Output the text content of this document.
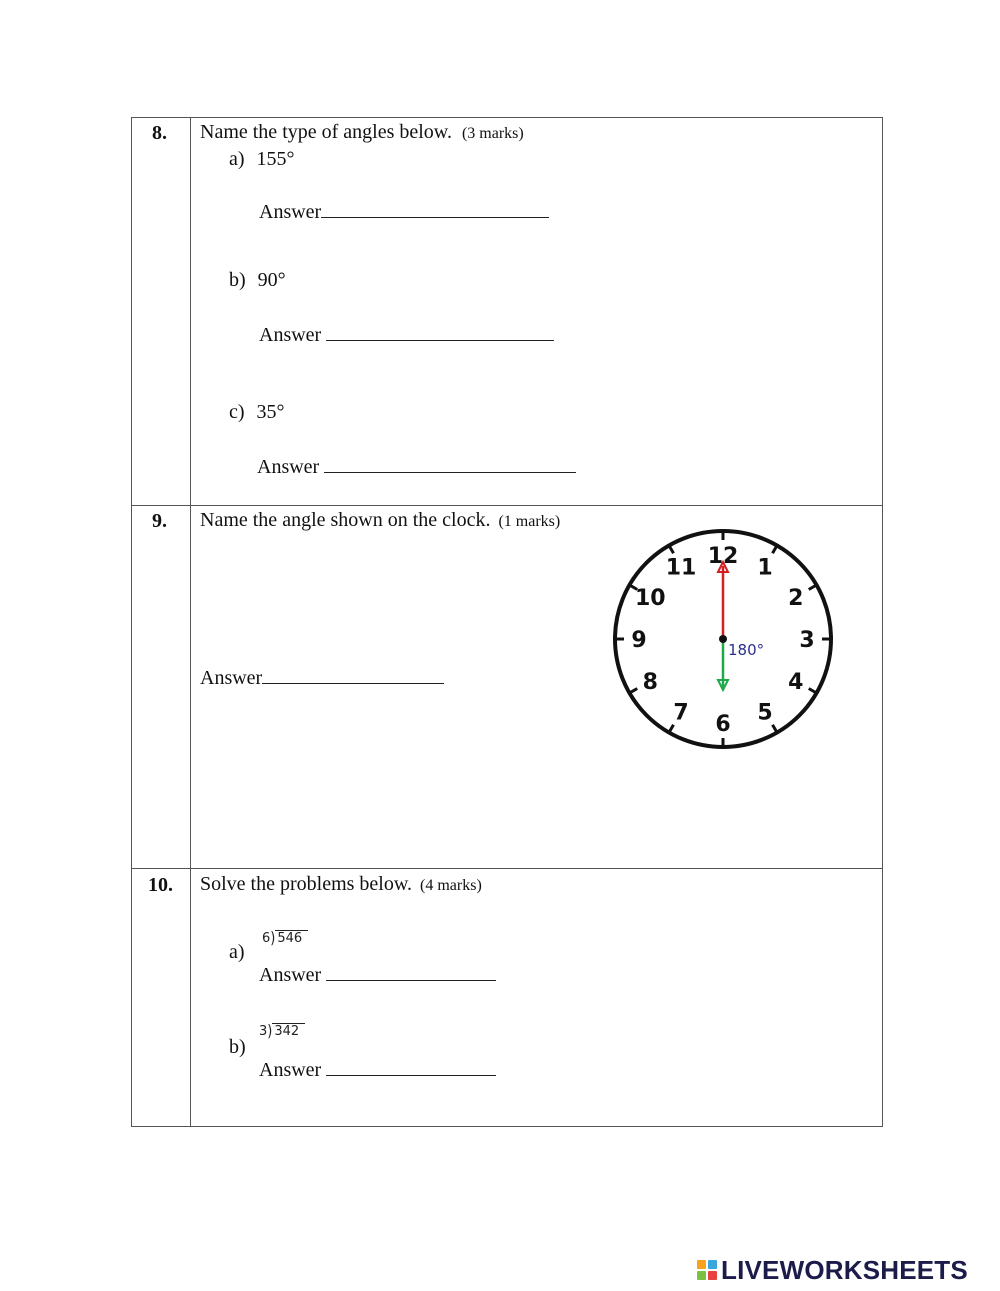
8. Name the type of angles below. (3 marks)
a) 155°
Answer
b) 90°
Answer
c) 35°
Answer
9. Name the angle shown on the clock. (1 marks)
Answer
12 1
2
3
4
5
6
7
8
9
10
11
180°
10. Solve the problems below. (4 marks)
6) 546
a)
Answer
3) 342
b)
Answer
LIVEWORKSHEETS
